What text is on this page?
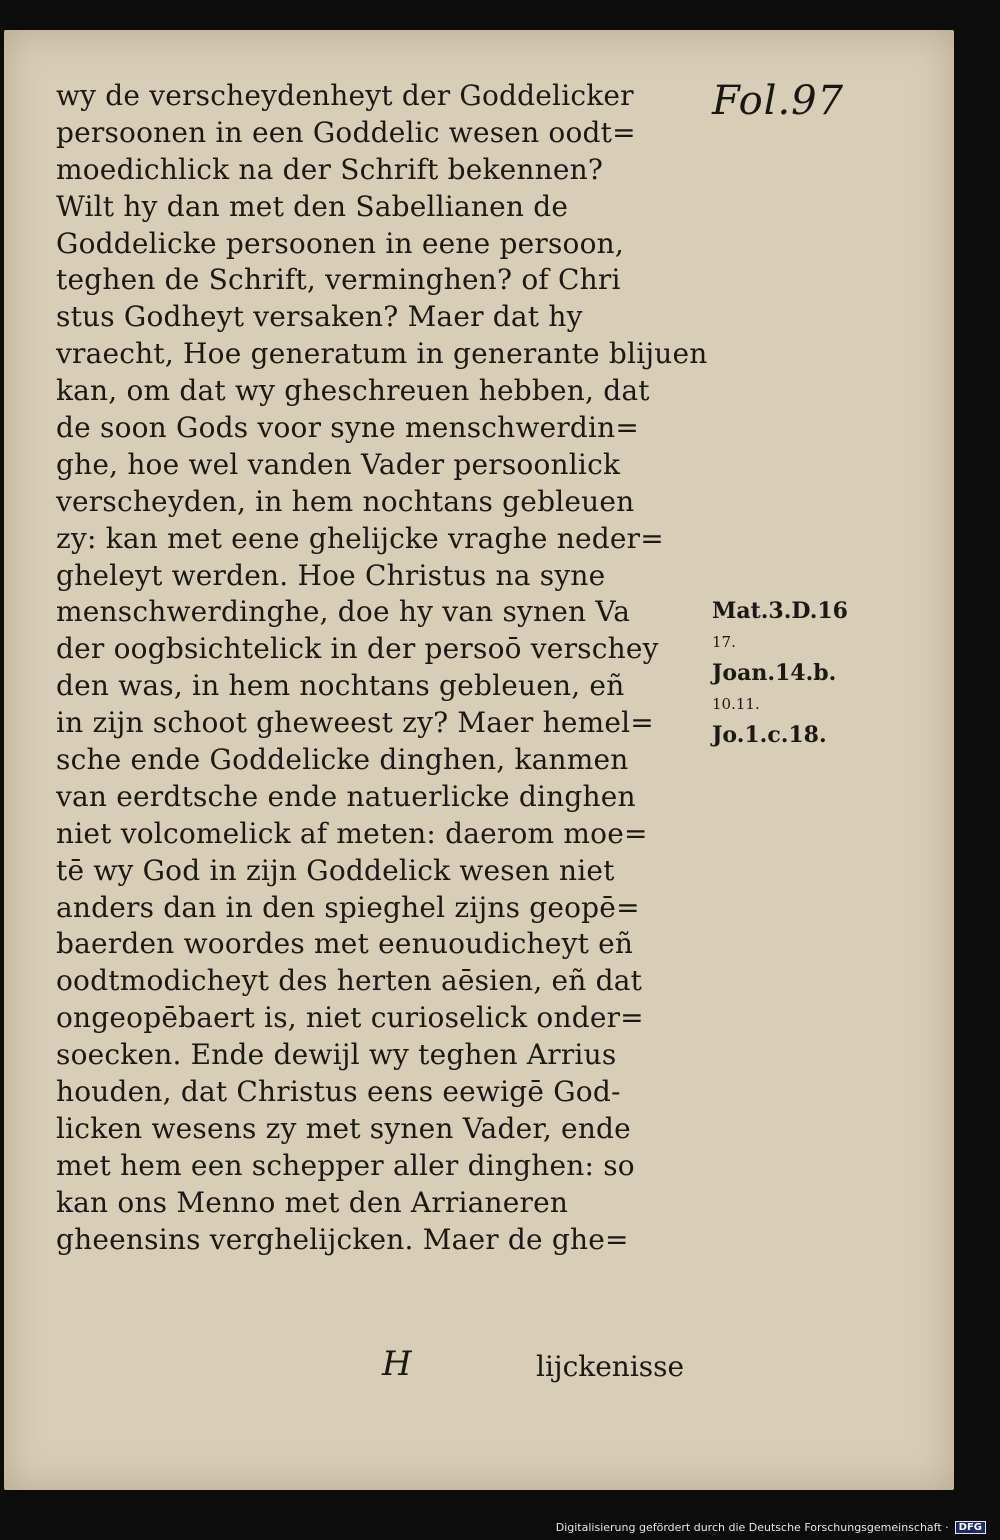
Fol.97
wy de verscheydenheyt der Goddelicker
persoonen in een Goddelic wesen oodt=
moedichlick na der Schrift bekennen?
Wilt hy dan met den Sabellianen de
Goddelicke persoonen in eene persoon,
teghen de Schrift, verminghen? of Chri
stus Godheyt versaken? Maer dat hy
vraecht, Hoe generatum in generante blijuen
kan, om dat wy gheschreuen hebben, dat
de soon Gods voor syne menschwerdin=
ghe, hoe wel vanden Vader persoonlick
verscheyden, in hem nochtans gebleuen
zy: kan met eene ghelijcke vraghe neder=
gheleyt werden. Hoe Christus na syne
menschwerdinghe, doe hy van synen Va
der oogbsichtelick in der persoō verschey
den was, in hem nochtans gebleuen, eñ
in zijn schoot gheweest zy? Maer hemel=
sche ende Goddelicke dinghen, kanmen
van eerdtsche ende natuerlicke dinghen
niet volcomelick af meten: daerom moe=
tē wy God in zijn Goddelick wesen niet
anders dan in den spieghel zijns geopē=
baerden woordes met eenuoudicheyt eñ
oodtmodicheyt des herten aēsien, eñ dat
ongeopēbaert is, niet curioselick onder=
soecken. Ende dewijl wy teghen Arrius
houden, dat Christus eens eewigē God-
licken wesens zy met synen Vader, ende
met hem een schepper aller dinghen: so
kan ons Menno met den Arrianeren
gheensins verghelijcken. Maer de ghe=
Mat.3.D.16
17.
Joan.14.b.
10.11.
Jo.1.c.18.
H	lijckenisse
Digitalisierung gefördert durch die Deutsche Forschungsgemeinschaft ·	DFG
